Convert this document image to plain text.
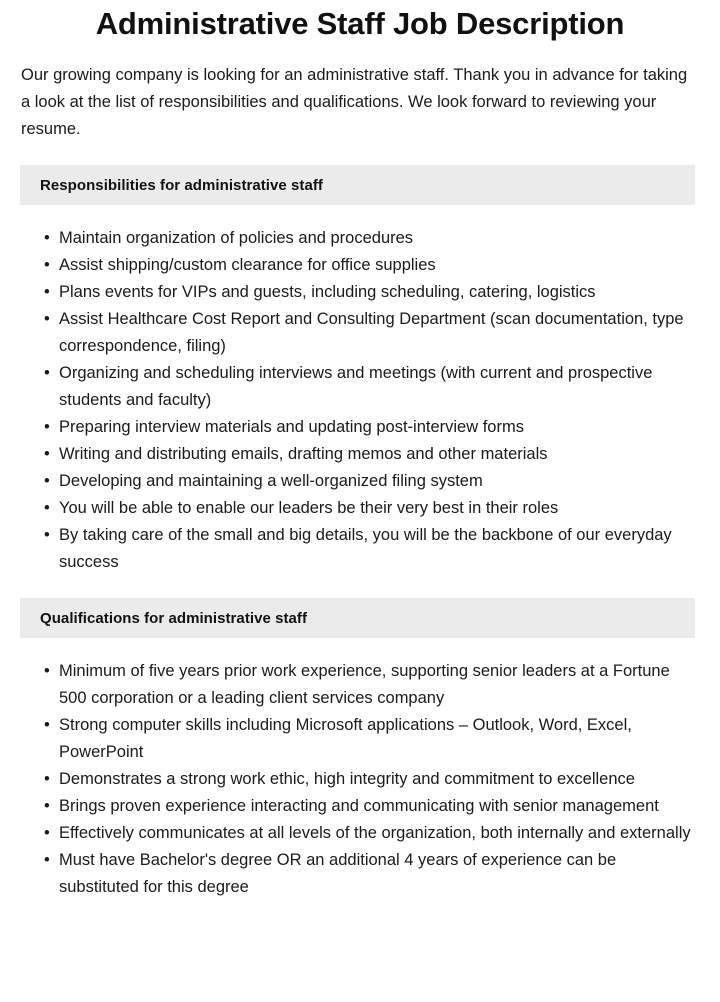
Administrative Staff Job Description

Our growing company is looking for an administrative staff. Thank you in advance for taking a look at the list of responsibilities and qualifications. We look forward to reviewing your resume.

Responsibilities for administrative staff
• Maintain organization of policies and procedures
• Assist shipping/custom clearance for office supplies
• Plans events for VIPs and guests, including scheduling, catering, logistics
• Assist Healthcare Cost Report and Consulting Department (scan documentation, type correspondence, filing)
• Organizing and scheduling interviews and meetings (with current and prospective students and faculty)
• Preparing interview materials and updating post-interview forms
• Writing and distributing emails, drafting memos and other materials
• Developing and maintaining a well-organized filing system
• You will be able to enable our leaders be their very best in their roles
• By taking care of the small and big details, you will be the backbone of our everyday success
Qualifications for administrative staff
• Minimum of five years prior work experience, supporting senior leaders at a Fortune 500 corporation or a leading client services company
• Strong computer skills including Microsoft applications – Outlook, Word, Excel, PowerPoint
• Demonstrates a strong work ethic, high integrity and commitment to excellence
• Brings proven experience interacting and communicating with senior management
• Effectively communicates at all levels of the organization, both internally and externally
• Must have Bachelor's degree OR an additional 4 years of experience can be substituted for this degree
